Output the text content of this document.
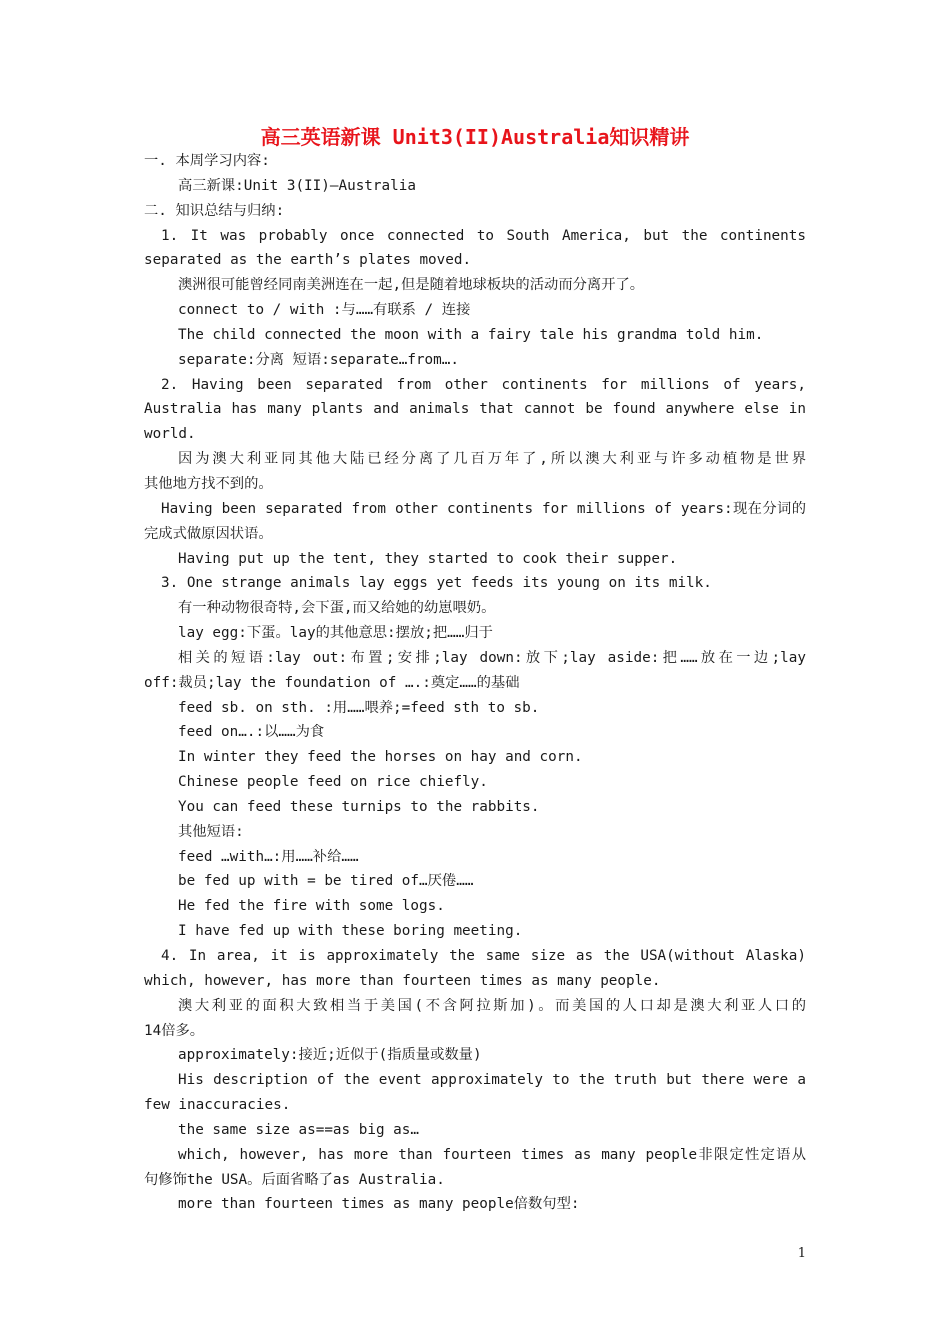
高三英语新课 Unit3(II)Australia知识精讲
一. 本周学习内容:
高三新课:Unit 3(II)—Australia
二. 知识总结与归纳:
1. It was probably once connected to South America, but the continents
separated as the earth’s plates moved.
澳洲很可能曾经同南美洲连在一起,但是随着地球板块的活动而分离开了。
connect to / with :与……有联系 / 连接
The child connected the moon with a fairy tale his grandma told him.
separate:分离 短语:separate…from….
2. Having been separated from other continents for millions of years,
Australia has many plants and animals that cannot be found anywhere else in
world.
因为澳大利亚同其他大陆已经分离了几百万年了,所以澳大利亚与许多动植物是世界
其他地方找不到的。
Having been separated from other continents for millions of years:现在分词的
完成式做原因状语。
Having put up the tent, they started to cook their supper.
3. One strange animals lay eggs yet feeds its young on its milk.
有一种动物很奇特,会下蛋,而又给她的幼崽喂奶。
lay egg:下蛋。lay的其他意思:摆放;把……归于
相关的短语:lay out:布置;安排;lay down:放下;lay aside:把……放在一边;lay
off:裁员;lay the foundation of ….:奠定……的基础
feed sb. on sth. :用……喂养;=feed sth to sb.
feed on….:以……为食
In winter they feed the horses on hay and corn.
Chinese people feed on rice chiefly.
You can feed these turnips to the rabbits.
其他短语:
feed …with…:用……补给……
be fed up with = be tired of…厌倦……
He fed the fire with some logs.
I have fed up with these boring meeting.
4. In area, it is approximately the same size as the USA(without Alaska)
which, however, has more than fourteen times as many people.
澳大利亚的面积大致相当于美国(不含阿拉斯加)。而美国的人口却是澳大利亚人口的
14倍多。
approximately:接近;近似于(指质量或数量)
His description of the event approximately to the truth but there were a
few inaccuracies.
the same size as==as big as…
which, however, has more than fourteen times as many people非限定性定语从
句修饰the USA。后面省略了as Australia.
more than fourteen times as many people倍数句型:
1
